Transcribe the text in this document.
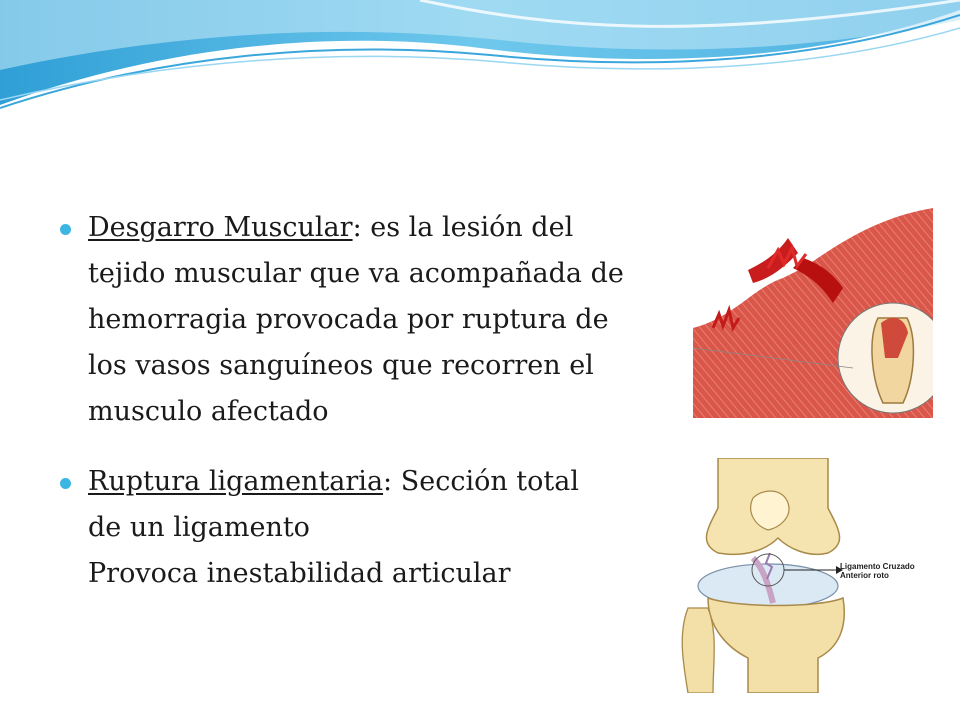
Desgarro Muscular: es la lesión del
tejido muscular que va acompañada de
hemorragia provocada por ruptura de
los vasos sanguíneos que recorren el
musculo afectado
Ruptura ligamentaria: Sección total
de un ligamento
Provoca inestabilidad articular	Ligamento Cruzado
Anterior roto
